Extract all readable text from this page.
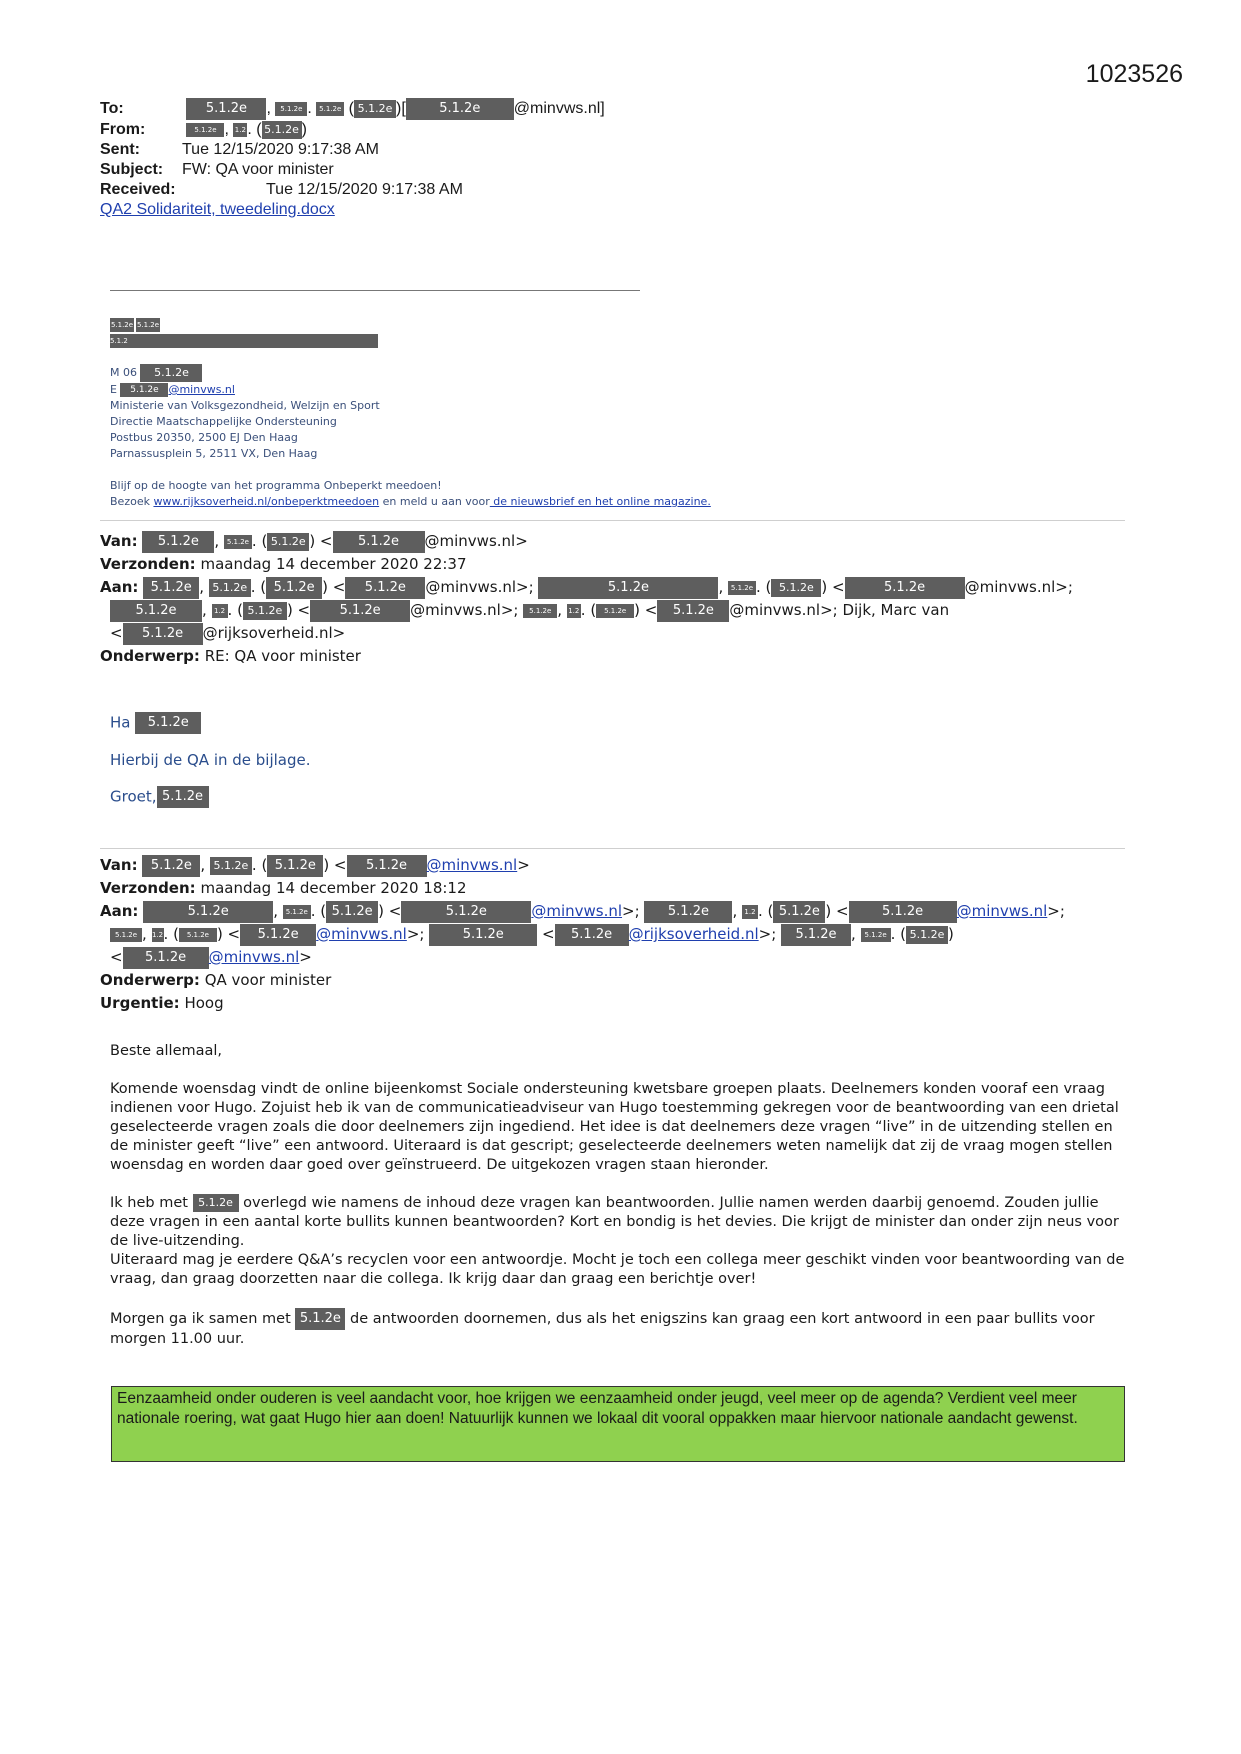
1023526
To:	5.1.2e , 5.1.2e . 5.1.2e ( 5.1.2e )[	5.1.2e @minvws.nl]
From:	5.1.2e , 1.2. ( 5.1.2e )
Sent:	Tue 12/15/2020 9:17:38 AM
Subject: FW: QA voor minister
Received:	Tue 12/15/2020 9:17:38 AM
QA2 Solidariteit, tweedeling.docx
5.1.2e 5.1.2e
5.1.2
M 06 5.1.2e
E 5.1.2e @minvws.nl
Ministerie van Volksgezondheid, Welzijn en Sport
Directie Maatschappelijke Ondersteuning
Postbus 20350, 2500 EJ Den Haag
Parnassusplein 5, 2511 VX, Den Haag
Blijf op de hoogte van het programma Onbeperkt meedoen!
Bezoek www.rijksoverheid.nl/onbeperktmeedoen en meld u aan voor de nieuwsbrief en het online magazine.
Van: 5.1.2e , 5.1.2e . ( 5.1.2e ) < 5.1.2e @minvws.nl>
Verzonden: maandag 14 december 2020 22:37
Aan: 5.1.2e , 5.1.2e . ( 5.1.2e ) < 5.1.2e @minvws.nl>;	5.1.2e	, 5.1.2e . ( 5.1.2e ) <	5.1.2e	@minvws.nl>;
5.1.2e , 1.2 . ( 5.1.2e ) < 5.1.2e @minvws.nl>; 5.1.2e , 1.2. ( 5.1.2e ) < 5.1.2e @minvws.nl>; Dijk, Marc van
< 5.1.2e @rijksoverheid.nl>
Onderwerp: RE: QA voor minister
Ha 5.1.2e
Hierbij de QA in de bijlage.
Groet, 5.1.2e
Van: 5.1.2e , 5.1.2e . ( 5.1.2e ) < 5.1.2e @minvws.nl>
Verzonden: maandag 14 december 2020 18:12
Aan:	5.1.2e	, 5.1.2e . ( 5.1.2e ) <	5.1.2e	@minvws.nl>; 5.1.2e , 1.2 . ( 5.1.2e ) <	5.1.2e @minvws.nl>;
5.1.2e , 1.2. ( 5.1.2e ) < 5.1.2e @minvws.nl>;	5.1.2e < 5.1.2e @rijksoverheid.nl>; 5.1.2e , 5.1.2e . ( 5.1.2e )
< 5.1.2e @minvws.nl>
Onderwerp: QA voor minister
Urgentie: Hoog
Beste allemaal,
Komende woensdag vindt de online bijeenkomst Sociale ondersteuning kwetsbare groepen plaats. Deelnemers konden vooraf een vraag indienen voor Hugo. Zojuist heb ik van de communicatieadviseur van Hugo toestemming gekregen voor de beantwoording van een drietal geselecteerde vragen zoals die door deelnemers zijn ingediend. Het idee is dat deelnemers deze vragen “live” in de uitzending stellen en de minister geeft “live” een antwoord. Uiteraard is dat gescript; geselecteerde deelnemers weten namelijk dat zij de vraag mogen stellen woensdag en worden daar goed over geïnstrueerd. De uitgekozen vragen staan hieronder.
Ik heb met 5.1.2e overlegd wie namens de inhoud deze vragen kan beantwoorden. Jullie namen werden daarbij genoemd. Zouden jullie deze vragen in een aantal korte bullits kunnen beantwoorden? Kort en bondig is het devies. Die krijgt de minister dan onder zijn neus voor de live-uitzending.
Uiteraard mag je eerdere Q&A’s recyclen voor een antwoordje. Mocht je toch een collega meer geschikt vinden voor beantwoording van de vraag, dan graag doorzetten naar die collega. Ik krijg daar dan graag een berichtje over!
Morgen ga ik samen met 5.1.2e de antwoorden doornemen, dus als het enigszins kan graag een kort antwoord in een paar bullits voor morgen 11.00 uur.
Eenzaamheid onder ouderen is veel aandacht voor, hoe krijgen we eenzaamheid onder jeugd, veel meer op de agenda? Verdient veel meer nationale roering, wat gaat Hugo hier aan doen! Natuurlijk kunnen we lokaal dit vooral oppakken maar hiervoor nationale aandacht gewenst.
